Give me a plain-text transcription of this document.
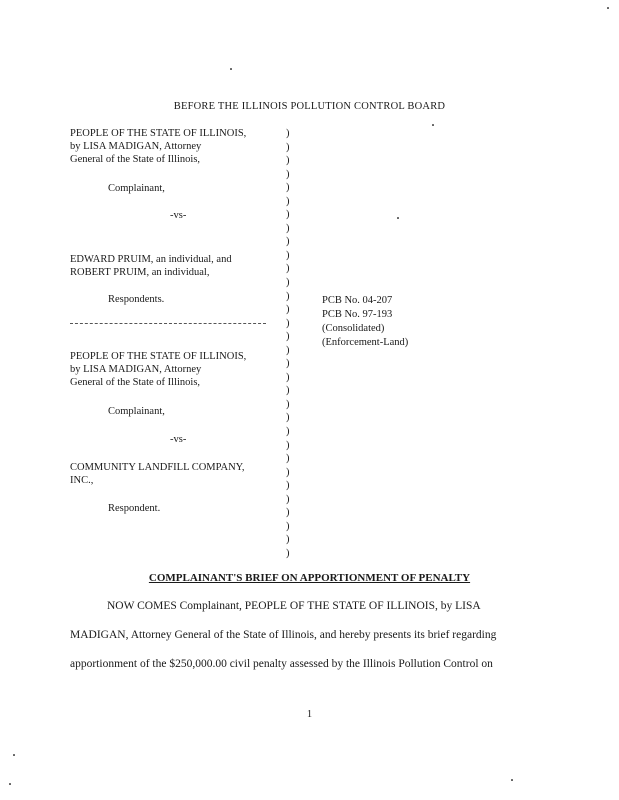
BEFORE THE ILLINOIS POLLUTION CONTROL BOARD
PEOPLE OF THE STATE OF ILLINOIS,
by LISA MADIGAN, Attorney
General of the State of Illinois,
Complainant,
-vs-
EDWARD PRUIM, an individual, and
ROBERT PRUIM, an individual,
Respondents.
PEOPLE OF THE STATE OF ILLINOIS,
by LISA MADIGAN, Attorney
General of the State of Illinois,
Complainant,
-vs-
COMMUNITY LANDFILL COMPANY,
INC.,
Respondent.
)
)
)
)
)
)
)
)
)
)
)
)
)
)
)
)
)
)
)
)
)
)
)
)
)
)
)
)
)
)
)
)
PCB No. 04-207
PCB No. 97-193
(Consolidated)
(Enforcement-Land)
COMPLAINANT'S BRIEF ON APPORTIONMENT OF PENALTY
NOW COMES Complainant, PEOPLE OF THE STATE OF ILLINOIS, by LISA
MADIGAN, Attorney General of the State of Illinois, and hereby presents its brief regarding
apportionment of the $250,000.00 civil penalty assessed by the Illinois Pollution Control on
1
